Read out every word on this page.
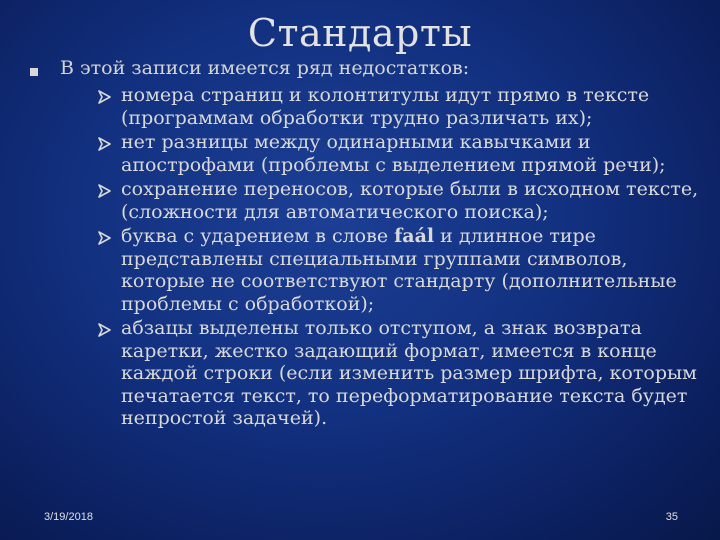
Стандарты
В этой записи имеется ряд недостатков:
номера страниц и колонтитулы идут прямо в тексте (программам обработки трудно различать их);
нет разницы между одинарными кавычками и апострофами (проблемы с выделением прямой речи);
сохранение переносов, которые были в исходном тексте, (сложности для автоматического поиска);
буква с ударением в слове faál и длинное тире представлены специальными группами символов, которые не соответствуют стандарту (дополнительные проблемы с обработкой);
абзацы выделены только отступом, а знак возврата каретки, жестко задающий формат, имеется в конце каждой строки (если изменить размер шрифта, которым печатается текст, то переформатирование текста будет непростой задачей).
3/19/2018	35
